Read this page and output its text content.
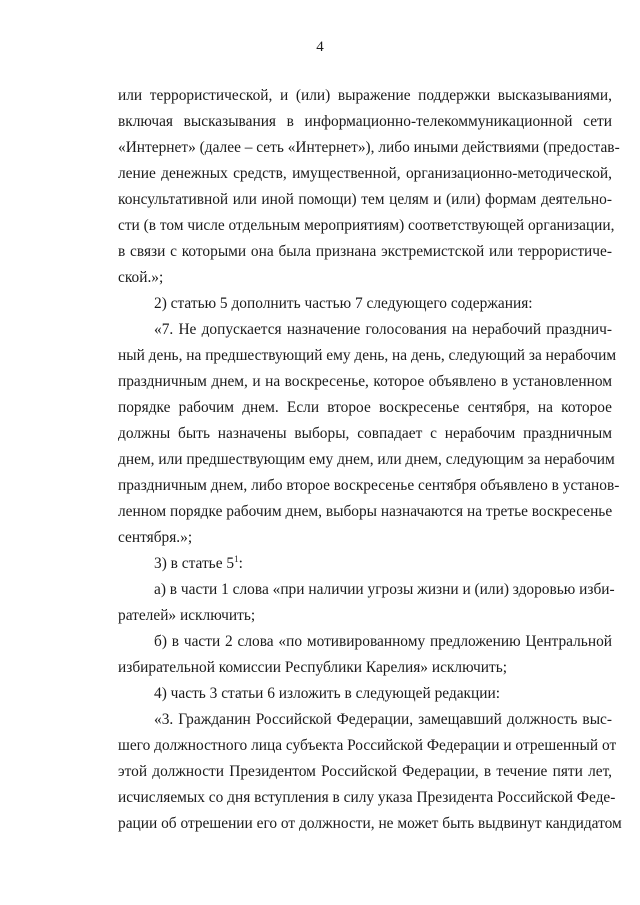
4
или террористической, и (или) выражение поддержки высказываниями,
включая высказывания в информационно-телекоммуникационной сети
«Интернет» (далее – сеть «Интернет»), либо иными действиями (предостав-
ление денежных средств, имущественной, организационно-методической,
консультативной или иной помощи) тем целям и (или) формам деятельно-
сти (в том числе отдельным мероприятиям) соответствующей организации,
в связи с которыми она была признана экстремистской или террористиче-
ской.»;
2) статью 5 дополнить частью 7 следующего содержания:
«7. Не допускается назначение голосования на нерабочий празднич-
ный день, на предшествующий ему день, на день, следующий за нерабочим
праздничным днем, и на воскресенье, которое объявлено в установленном
порядке рабочим днем. Если второе воскресенье сентября, на которое
должны быть назначены выборы, совпадает с нерабочим праздничным
днем, или предшествующим ему днем, или днем, следующим за нерабочим
праздничным днем, либо второе воскресенье сентября объявлено в установ-
ленном порядке рабочим днем, выборы назначаются на третье воскресенье
сентября.»;
3) в статье $5^1$:
а) в части 1 слова «при наличии угрозы жизни и (или) здоровью изби-
рателей» исключить;
б) в части 2 слова «по мотивированному предложению Центральной
избирательной комиссии Республики Карелия» исключить;
4) часть 3 статьи 6 изложить в следующей редакции:
«3. Гражданин Российской Федерации, замещавший должность выс-
шего должностного лица субъекта Российской Федерации и отрешенный от
этой должности Президентом Российской Федерации, в течение пяти лет,
исчисляемых со дня вступления в силу указа Президента Российской Феде-
рации об отрешении его от должности, не может быть выдвинут кандидатом
